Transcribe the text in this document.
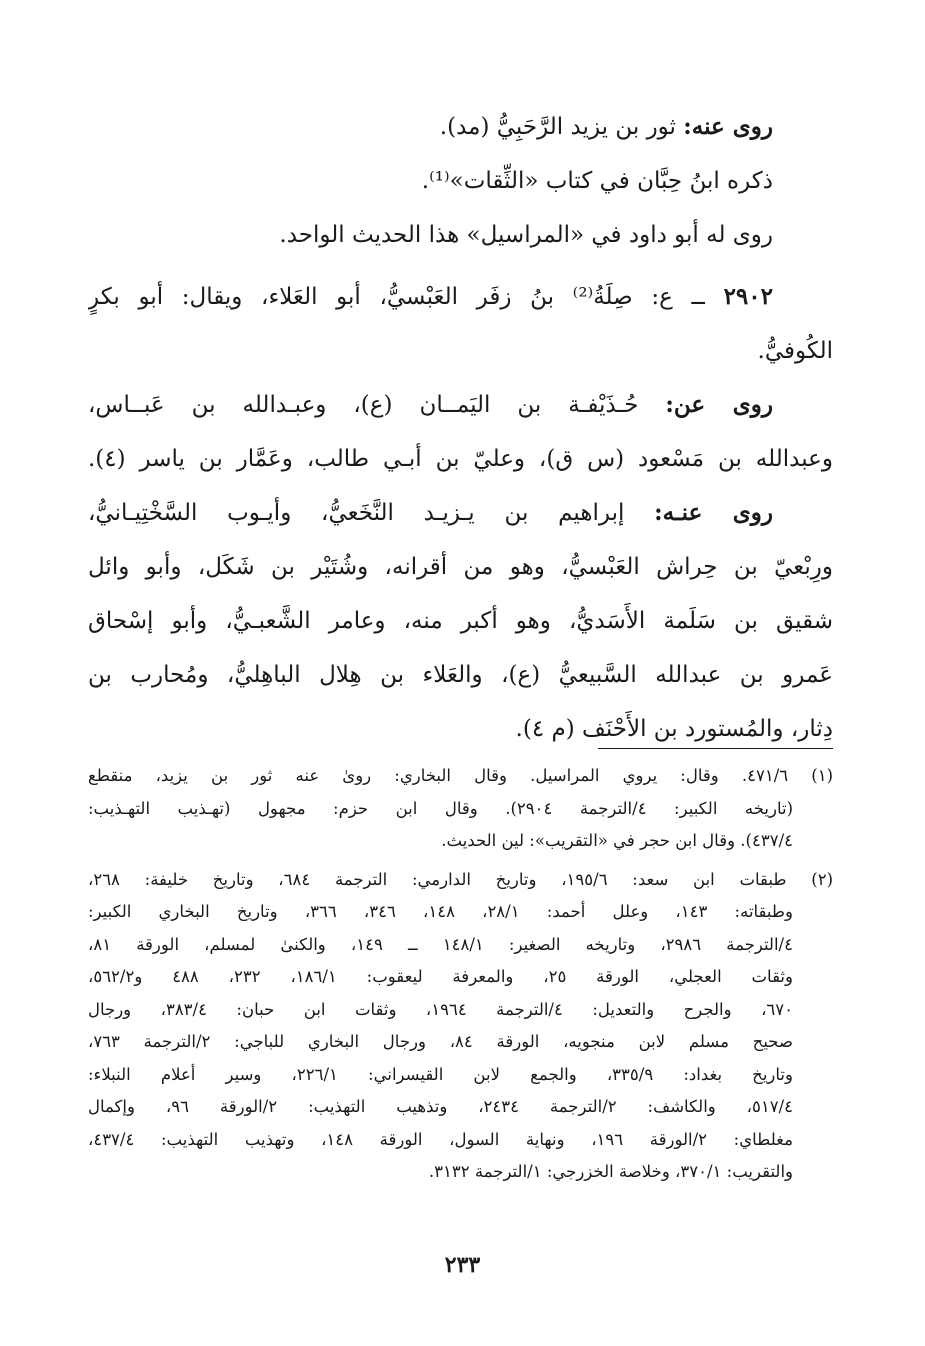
روى عنه: ثور بن يزيد الرَّحَبِيُّ (مد).
ذكره ابنُ حِبَّان في كتاب «الثِّقات»⁽¹⁾.
روى له أبو داود في «المراسيل» هذا الحديث الواحد.
٢٩٠٢ ــ ع: صِلَةُ⁽²⁾ بنُ زفَر العَبْسيُّ، أبو العَلاء، ويقال: أبو بكرٍ
الكُوفيُّ.
روى عن: حُـذَيْفـة بن اليَمــان (ع)، وعبـدالله بن عَبــاس،
وعبدالله بن مَسْعود (س ق)، وعليّ بن أبـي طالب، وعَمَّار بن ياسر (٤).
روى عنـه: إبراهيم بن يـزيـد النَّخَعيُّ، وأيـوب السَّخْتِيـانيُّ،
ورِبْعيّ بن حِراش العَبْسيُّ، وهو من أقرانه، وشُتَيْر بن شَكَل، وأبو وائل
شقيق بن سَلَمة الأَسَديُّ، وهو أكبر منه، وعامر الشَّعبـيُّ، وأبو إسْحاق
عَمرو بن عبدالله السَّبيعيُّ (ع)، والعَلاء بن هِلال الباهِليُّ، ومُحارب بن
دِثار، والمُستورد بن الأَحْنَف (م ٤).
(١) ٤٧١/٦. وقال: يروي المراسيل. وقال البخاري: روىٰ عنه ثور بن يزيد، منقطع
(تاريخه الكبير: ٤/الترجمة ٢٩٠٤). وقال ابن حزم: مجهول (تهـذيب التهـذيب:
٤٣٧/٤). وقال ابن حجر في «التقريب»: لين الحديث.
(٢) طبقات ابن سعد: ١٩٥/٦، وتاريخ الدارمي: الترجمة ٦٨٤، وتاريخ خليفة: ٢٦٨،
وطبقاته: ١٤٣، وعلل أحمد: ٢٨/١، ١٤٨، ٣٤٦، ٣٦٦، وتاريخ البخاري الكبير:
٤/الترجمة ٢٩٨٦، وتاريخه الصغير: ١٤٨/١ ــ ١٤٩، والكنىٰ لمسلم، الورقة ٨١،
وثقات العجلي، الورقة ٢٥، والمعرفة ليعقوب: ١٨٦/١، ٢٣٢، ٤٨٨ و٥٦٢/٢،
٦٧٠، والجرح والتعديل: ٤/الترجمة ١٩٦٤، وثقات ابن حبان: ٣٨٣/٤، ورجال
صحيح مسلم لابن منجويه، الورقة ٨٤، ورجال البخاري للباجي: ٢/الترجمة ٧٦٣،
وتاريخ بغداد: ٣٣٥/٩، والجمع لابن القيسراني: ٢٢٦/١، وسير أعلام النبلاء:
٥١٧/٤، والكاشف: ٢/الترجمة ٢٤٣٤، وتذهيب التهذيب: ٢/الورقة ٩٦، وإكمال
مغلطاي: ٢/الورقة ١٩٦، ونهاية السول، الورقة ١٤٨، وتهذيب التهذيب: ٤٣٧/٤،
والتقريب: ٣٧٠/١، وخلاصة الخزرجي: ١/الترجمة ٣١٣٢.
٢٣٣
